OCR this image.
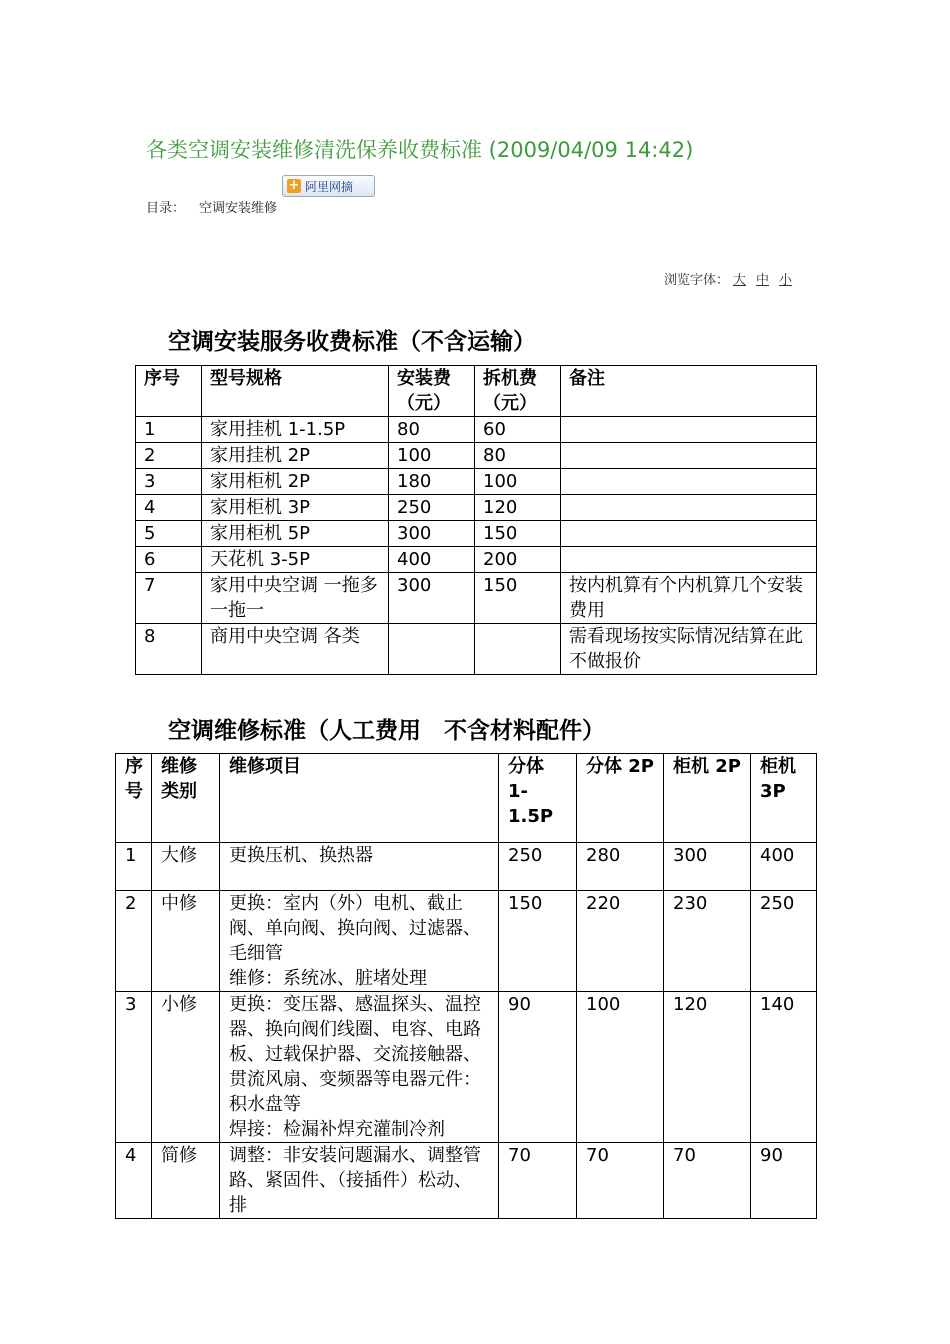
各类空调安装维修清洗保养收费标准 (2009/04/09 14:42)
+ 阿里网摘
目录： 空调安装维修
浏览字体： 大 中 小
空调安装服务收费标准（不含运输）
序号	型号规格	安装费（元）	拆机费（元）	备注
1	家用挂机 1-1.5P	80	60	
2	家用挂机 2P	100	80	
3	家用柜机 2P	180	100	
4	家用柜机 3P	250	120	
5	家用柜机 5P	300	150	
6	天花机 3-5P	400	200	
7	家用中央空调 一拖多 一拖一	300	150	按内机算有个内机算几个安装费用
8	商用中央空调 各类			需看现场按实际情况结算在此不做报价
空调维修标准（人工费用　不含材料配件）
序号	维修类别	维修项目	分体 1-1.5P	分体 2P	柜机 2P	柜机 3P
1	大修	更换压机、换热器	250	280	300	400
2	中修	更换：室内（外）电机、截止阀、单向阀、换向阀、过滤器、毛细管
维修：系统冰、脏堵处理	150	220	230	250
3	小修	更换：变压器、感温探头、温控器、换向阀们线圈、电容、电路板、过载保护器、交流接触器、贯流风扇、变频器等电器元件：积水盘等
焊接：检漏补焊充灌制冷剂	90	100	120	140
4	简修	调整：非安装问题漏水、调整管路、紧固件、（接插件）松动、排	70	70	70	90
